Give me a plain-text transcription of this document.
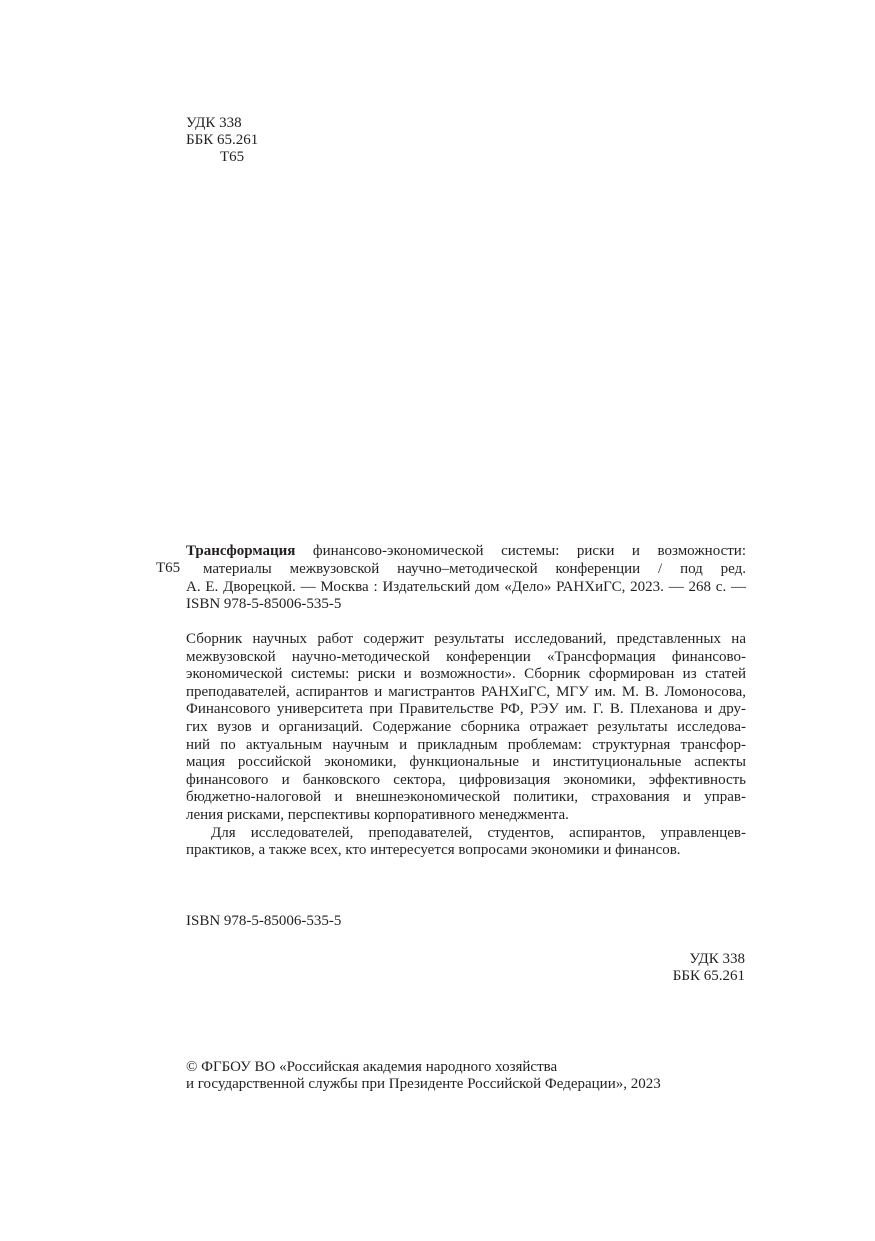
УДК 338
ББК 65.261
Т65
Т65
Трансформация финансово-экономической системы: риски и возможности:
материалы межвузовской научно–методической конференции / под ред.
А. Е. Дворецкой. — Москва : Издательский дом «Дело» РАНХиГС, 2023. — 268 с. —
ISBN 978-5-85006-535-5
Сборник научных работ содержит результаты исследований, представленных на
межвузовской научно-методической конференции «Трансформация финансово-
экономической системы: риски и возможности». Сборник сформирован из статей
преподавателей, аспирантов и магистрантов РАНХиГС, МГУ им. М. В. Ломоносова,
Финансового университета при Правительстве РФ, РЭУ им. Г. В. Плеханова и дру-
гих вузов и организаций. Содержание сборника отражает результаты исследова-
ний по актуальным научным и прикладным проблемам: структурная трансфор-
мация российской экономики, функциональные и институциональные аспекты
финансового и банковского сектора, цифровизация экономики, эффективность
бюджетно-налоговой и внешнеэкономической политики, страхования и управ-
ления рисками, перспективы корпоративного менеджмента.
Для исследователей, преподавателей, студентов, аспирантов, управленцев-
практиков, а также всех, кто интересуется вопросами экономики и финансов.
ISBN 978-5-85006-535-5
УДК 338
ББК 65.261
© ФГБОУ ВО «Российская академия народного хозяйства
и государственной службы при Президенте Российской Федерации», 2023
